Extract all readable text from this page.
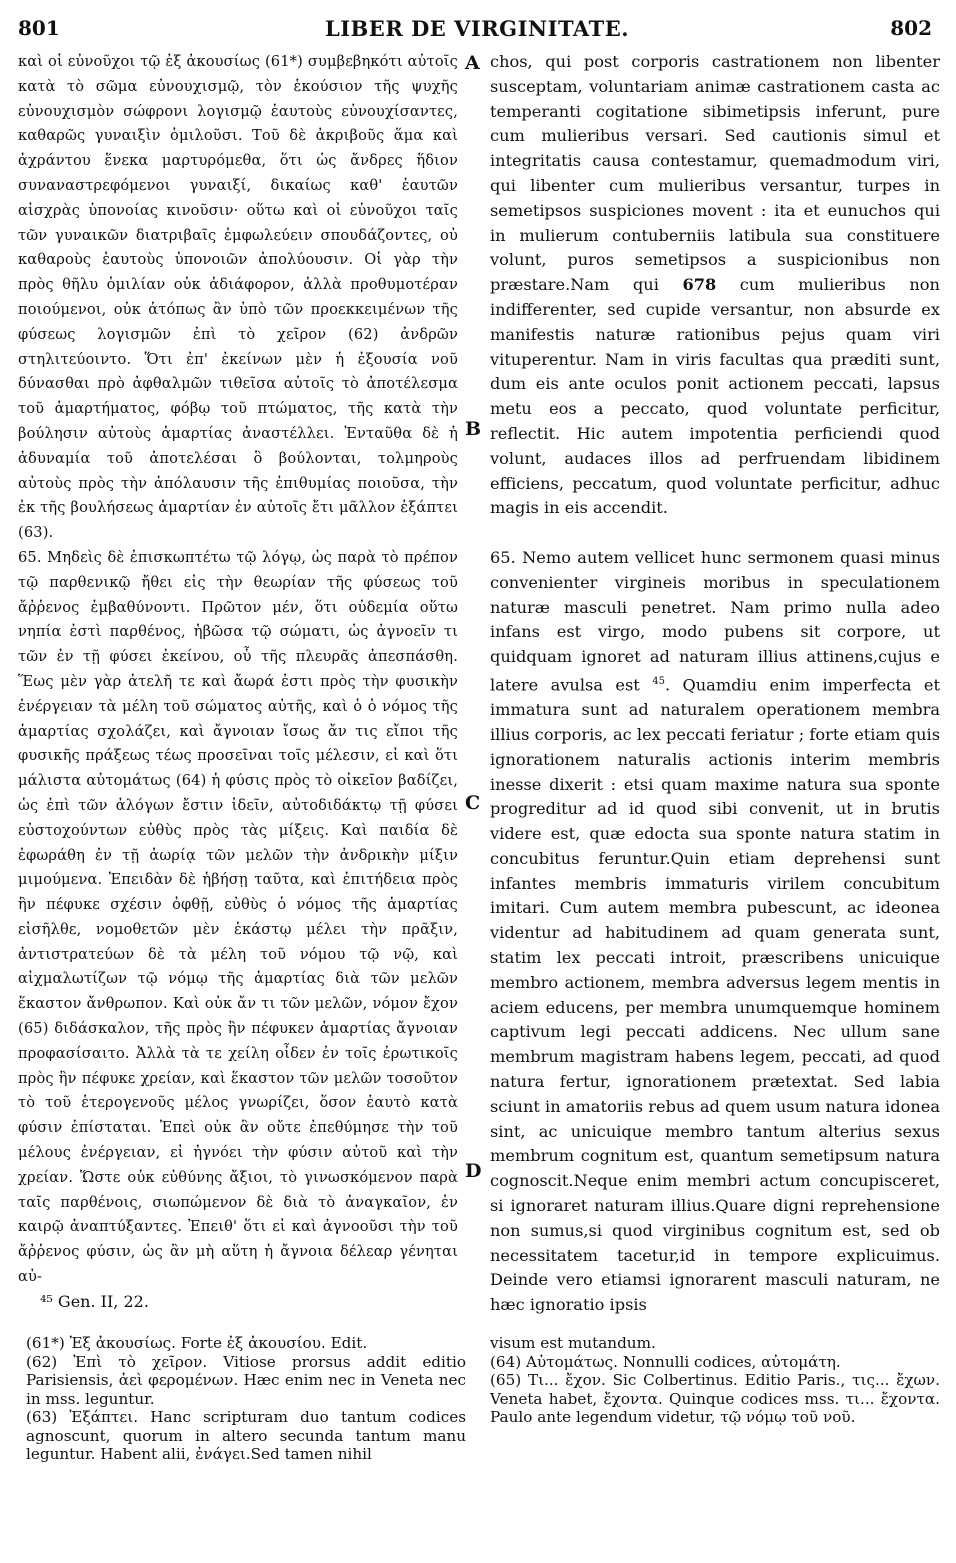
801	LIBER DE VIRGINITATE.	802

καὶ οἱ εὐνοῦχοι τῷ ἐξ ἀκουσίως (61*) συμβεβηκότι αὐτοῖς κατὰ τὸ σῶμα εὐνουχισμῷ, τὸν ἑκούσιον τῆς ψυχῆς εὐνουχισμὸν σώφρονι λογισμῷ ἑαυτοὺς εὐνουχίσαντες, καθαρῶς γυναιξὶν ὁμιλοῦσι. Τοῦ δὲ ἀκριβοῦς ἅμα καὶ ἀχράντου ἕνεκα μαρτυρόμεθα, ὅτι ὡς ἄνδρες ἥδιον συναναστρεφόμενοι γυναιξί, δικαίως καθ' ἑαυτῶν αἰσχρὰς ὑπονοίας κινοῦσιν· οὕτω καὶ οἱ εὐνοῦχοι ταῖς τῶν γυναικῶν διατριβαῖς ἐμφωλεύειν σπουδάζοντες, οὐ καθαροὺς ἑαυτοὺς ὑπονοιῶν ἀπολύουσιν. Οἱ γὰρ τὴν πρὸς θῆλυ ὁμιλίαν οὐκ ἀδιάφορον, ἀλλὰ προθυμοτέραν ποιούμενοι, οὐκ ἀτόπως ἂν ὑπὸ τῶν προεκκειμένων τῆς φύσεως λογισμῶν ἐπὶ τὸ χεῖρον (62) ἀνδρῶν στηλιτεύοιντο. Ὅτι ἐπ' ἐκείνων μὲν ἡ ἐξουσία νοῦ δύνασθαι πρὸ ἀφθαλμῶν τιθεῖσα αὐτοῖς τὸ ἀποτέλεσμα τοῦ ἁμαρτήματος, φόβῳ τοῦ πτώματος, τῆς κατὰ τὴν βούλησιν αὐτοὺς ἁμαρτίας ἀναστέλλει. Ἐνταῦθα δὲ ἡ ἀδυναμία τοῦ ἀποτελέσαι ὃ βούλονται, τολμηροὺς αὐτοὺς πρὸς τὴν ἀπόλαυσιν τῆς ἐπιθυμίας ποιοῦσα, τὴν ἐκ τῆς βουλήσεως ἁμαρτίαν ἐν αὐτοῖς ἔτι μᾶλλον ἐξάπτει (63).

65. Μηδεὶς δὲ ἐπισκωπτέτω τῷ λόγῳ, ὡς παρὰ τὸ πρέπον τῷ παρθενικῷ ἤθει εἰς τὴν θεωρίαν τῆς φύσεως τοῦ ἄῤῥενος ἐμβαθύνοντι. Πρῶτον μέν, ὅτι οὐδεμία οὕτω νηπία ἐστὶ παρθένος, ἡβῶσα τῷ σώματι, ὡς ἀγνοεῖν τι τῶν ἐν τῇ φύσει ἐκείνου, οὗ τῆς πλευρᾶς ἀπεσπάσθη. Ἕως μὲν γὰρ ἀτελῆ τε καὶ ἄωρά ἐστι πρὸς τὴν φυσικὴν ἐνέργειαν τὰ μέλη τοῦ σώματος αὐτῆς, καὶ ὁ ὁ νόμος τῆς ἁμαρτίας σχολάζει, καὶ ἄγνοιαν ἴσως ἄν τις εἴποι τῆς φυσικῆς πράξεως τέως προσεῖναι τοῖς μέλεσιν, εἰ καὶ ὅτι μάλιστα αὐτομάτως (64) ἡ φύσις πρὸς τὸ οἰκεῖον βαδίζει, ὡς ἐπὶ τῶν ἀλόγων ἔστιν ἰδεῖν, αὐτοδιδάκτῳ τῇ φύσει εὐστοχούντων εὐθὺς πρὸς τὰς μίξεις. Καὶ παιδία δὲ ἐφωράθη ἐν τῇ ἀωρίᾳ τῶν μελῶν τὴν ἀνδρικὴν μίξιν μιμούμενα. Ἐπειδὰν δὲ ἡβήσῃ ταῦτα, καὶ ἐπιτήδεια πρὸς ἣν πέφυκε σχέσιν ὀφθῇ, εὐθὺς ὁ νόμος τῆς ἁμαρτίας εἰσῆλθε, νομοθετῶν μὲν ἑκάστῳ μέλει τὴν πρᾶξιν, ἀντιστρατεύων δὲ τὰ μέλη τοῦ νόμου τῷ νῷ, καὶ αἰχμαλωτίζων τῷ νόμῳ τῆς ἁμαρτίας διὰ τῶν μελῶν ἕκαστον ἄνθρωπον. Καὶ οὐκ ἄν τι τῶν μελῶν, νόμον ἔχον (65) διδάσκαλον, τῆς πρὸς ἣν πέφυκεν ἁμαρτίας ἄγνοιαν προφασίσαιτο. Ἀλλὰ τὰ τε χείλη οἶδεν ἐν τοῖς ἐρωτικοῖς πρὸς ἣν πέφυκε χρείαν, καὶ ἕκαστον τῶν μελῶν τοσοῦτον τὸ τοῦ ἑτερογενοῦς μέλος γνωρίζει, ὅσον ἑαυτὸ κατὰ φύσιν ἐπίσταται. Ἐπεὶ οὐκ ἂν οὔτε ἐπεθύμησε τὴν τοῦ μέλους ἐνέργειαν, εἰ ἠγνόει τὴν φύσιν αὐτοῦ καὶ τὴν χρείαν. Ὥστε οὐκ εὐθύνης ἄξιοι, τὸ γινωσκόμενον παρὰ ταῖς παρθένοις, σιωπώμενον δὲ διὰ τὸ ἀναγκαῖον, ἐν καιρῷ ἀναπτύξαντες. Ἐπειθ' ὅτι εἰ καὶ ἀγνοοῦσι τὴν τοῦ ἄῤῥενος φύσιν, ὡς ἂν μὴ αὕτη ἡ ἄγνοια δέλεαρ γένηται αὐ-

A
B
C
D

chos, qui post corporis castrationem non libenter susceptam, voluntariam animæ castrationem casta ac temperanti cogitatione sibimetipsis inferunt, pure cum mulieribus versari. Sed cautionis simul et integritatis causa contestamur, quemadmodum viri, qui libenter cum mulieribus versantur, turpes in semetipsos suspiciones movent : ita et eunuchos qui in mulierum contuberniis latibula sua constituere volunt, puros semetipsos a suspicionibus non præstare.Nam qui 678 cum mulieribus non indifferenter, sed cupide versantur, non absurde ex manifestis naturæ rationibus pejus quam viri vituperentur. Nam in viris facultas qua præditi sunt, dum eis ante oculos ponit actionem peccati, lapsus metu eos a peccato, quod voluntate perficitur, reflectit. Hic autem impotentia perficiendi quod volunt, audaces illos ad perfruendam libidinem efficiens, peccatum, quod voluntate perficitur, adhuc magis in eis accendit.

65. Nemo autem vellicet hunc sermonem quasi minus convenienter virgineis moribus in speculationem naturæ masculi penetret. Nam primo nulla adeo infans est virgo, modo pubens sit corpore, ut quidquam ignoret ad naturam illius attinens,cujus e latere avulsa est $^{45}$. Quamdiu enim imperfecta et immatura sunt ad naturalem operationem membra illius corporis, ac lex peccati feriatur ; forte etiam quis ignorationem naturalis actionis interim membris inesse dixerit : etsi quam maxime natura sua sponte progreditur ad id quod sibi convenit, ut in brutis videre est, quæ edocta sua sponte natura statim in concubitus feruntur.Quin etiam deprehensi sunt infantes membris immaturis virilem concubitum imitari. Cum autem membra pubescunt, ac ideonea videntur ad habitudinem ad quam generata sunt, statim lex peccati introit, præscribens unicuique membro actionem, membra adversus legem mentis in aciem educens, per membra unumquemque hominem captivum legi peccati addicens. Nec ullum sane membrum magistram habens legem, peccati, ad quod natura fertur, ignorationem prætextat. Sed labia sciunt in amatoriis rebus ad quem usum natura idonea sint, ac unicuique membro tantum alterius sexus membrum cognitum est, quantum semetipsum natura cognoscit.Neque enim membri actum concupisceret, si ignoraret naturam illius.Quare digni reprehensione non sumus,si quod virginibus cognitum est, sed ob necessitatem tacetur,id in tempore explicuimus. Deinde vero etiamsi ignorarent masculi naturam, ne hæc ignoratio ipsis

⁴⁵ Gen. II, 22.
(61*) Ἐξ ἀκουσίως. Forte ἐξ ἀκουσίου. Edit.
(62) Ἐπὶ τὸ χεῖρον. Vitiose prorsus addit editio Parisiensis, ἀεὶ φερομένων. Hæc enim nec in Veneta nec in mss. leguntur.
(63) Ἐξάπτει. Hanc scripturam duo tantum codices agnoscunt, quorum in altero secunda tantum manu leguntur. Habent alii, ἐνάγει.Sed tamen nihil
visum est mutandum.
(64) Αὐτομάτως. Nonnulli codices, αὐτομάτη.
(65) Τι... ἔχον. Sic Colbertinus. Editio Paris., τις... ἔχων. Veneta habet, ἔχοντα. Quinque codices mss. τι... ἔχοντα. Paulo ante legendum videtur, τῷ νόμῳ τοῦ νοῦ.
